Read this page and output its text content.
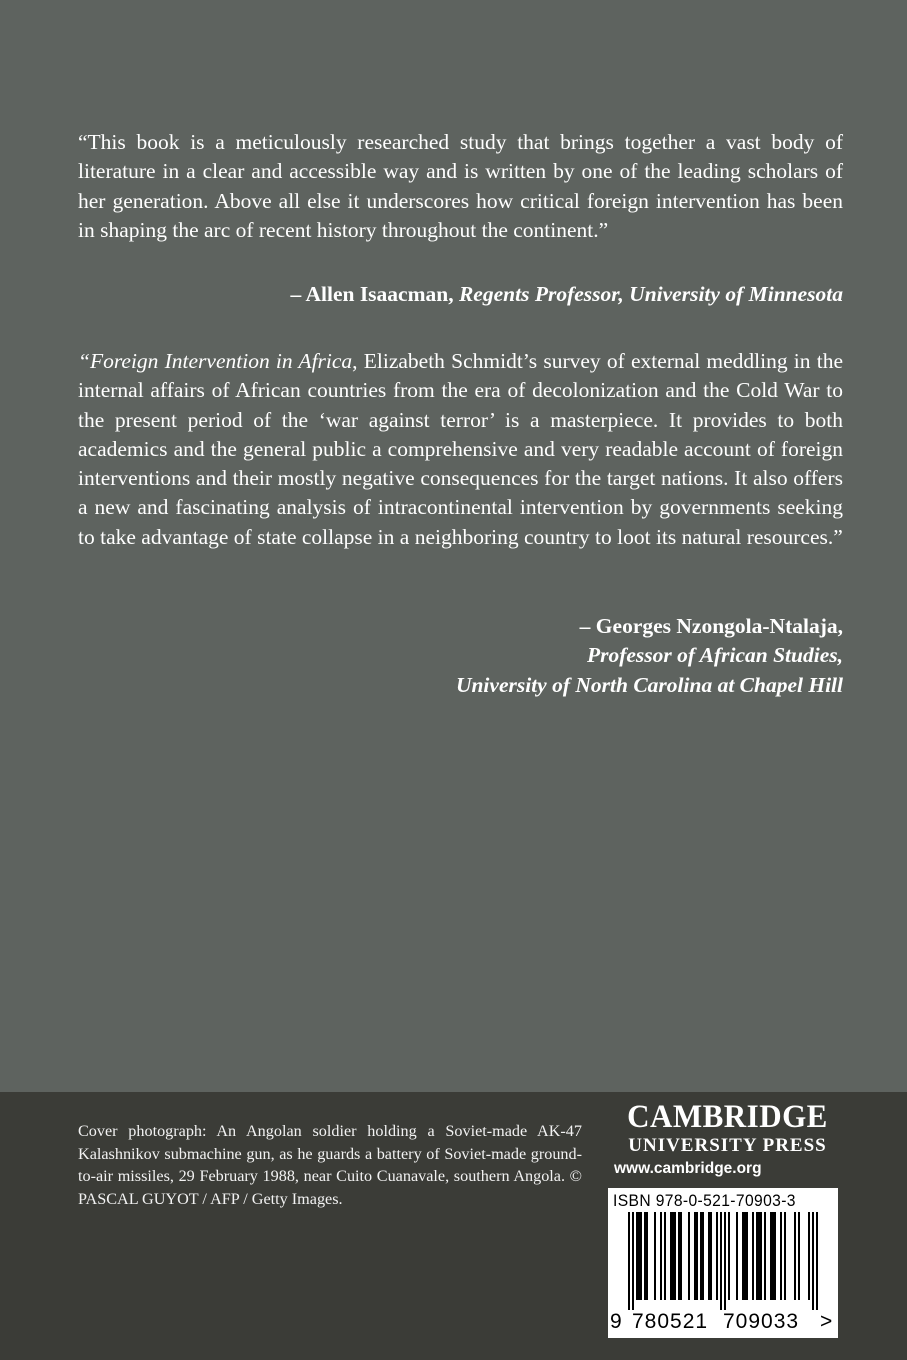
“This book is a meticulously researched study that brings together a vast body of literature in a clear and accessible way and is written by one of the leading scholars of her generation. Above all else it underscores how critical foreign intervention has been in shaping the arc of recent history throughout the continent.”
– Allen Isaacman, Regents Professor, University of Minnesota
“Foreign Intervention in Africa, Elizabeth Schmidt’s survey of external meddling in the internal affairs of African countries from the era of decolonization and the Cold War to the present period of the ‘war against terror’ is a masterpiece. It provides to both academics and the general public a comprehensive and very readable account of foreign interventions and their mostly negative consequences for the target nations. It also offers a new and fascinating analysis of intracontinental intervention by governments seeking to take advantage of state collapse in a neighboring country to loot its natural resources.”
– Georges Nzongola-Ntalaja,
Professor of African Studies,
University of North Carolina at Chapel Hill
Cover photograph: An Angolan soldier holding a Soviet-made AK-47 Kalashnikov submachine gun, as he guards a battery of Soviet-made ground-to-air missiles, 29 February 1988, near Cuito Cuanavale, southern Angola. © PASCAL GUYOT / AFP / Getty Images.
CAMBRIDGE
UNIVERSITY PRESS
www.cambridge.org
ISBN 978-0-521-70903-3
9 780521 709033 >
